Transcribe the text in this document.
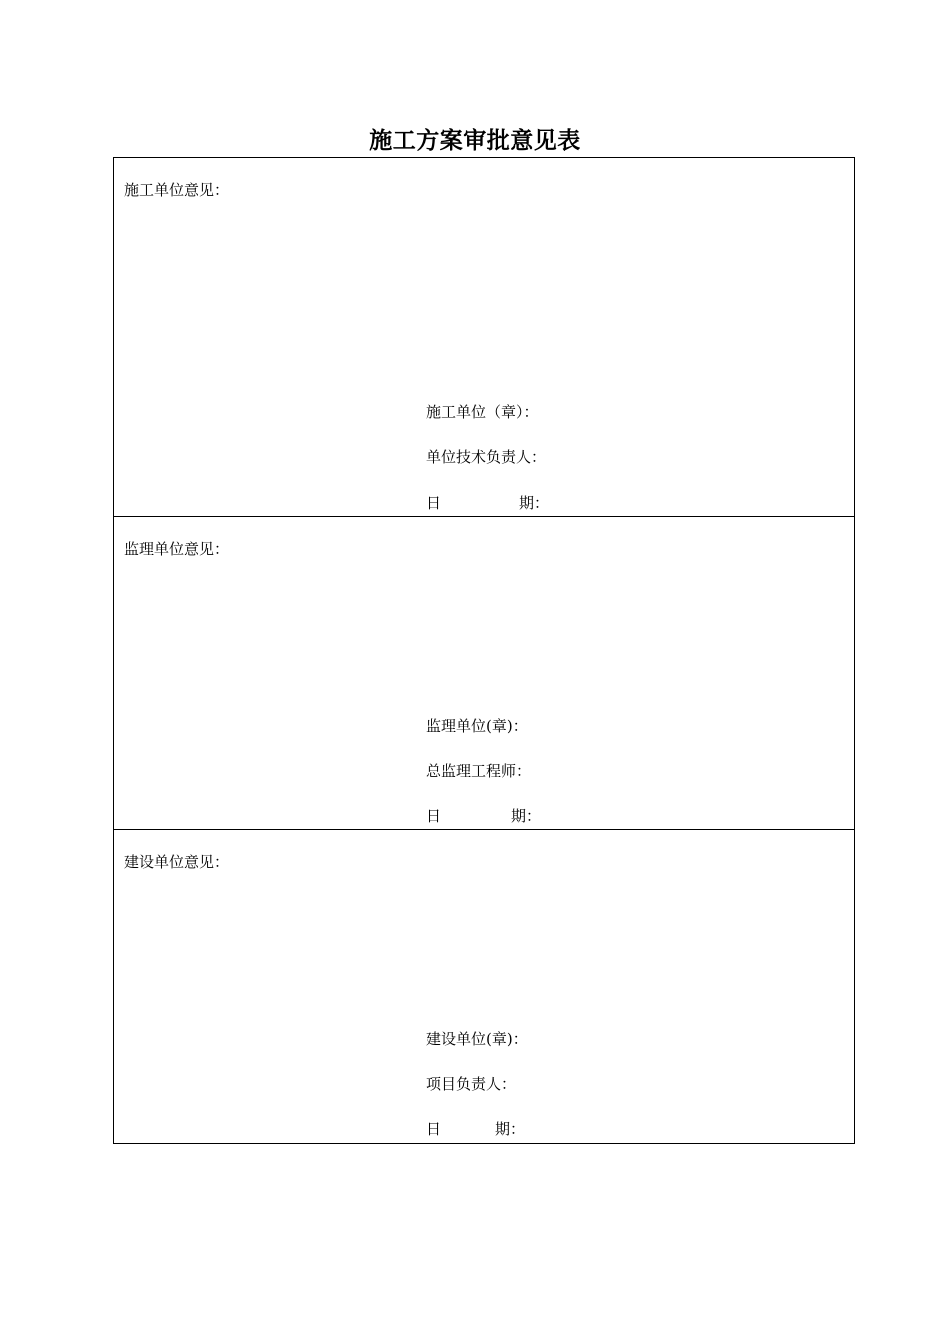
施工方案审批意见表
施工单位意见：
施工单位（章）：
单位技术负责人：
日	期：
监理单位意见：
监理单位(章)：
总监理工程师：
日	期：
建设单位意见：
建设单位(章)：
项目负责人：
日	期：
